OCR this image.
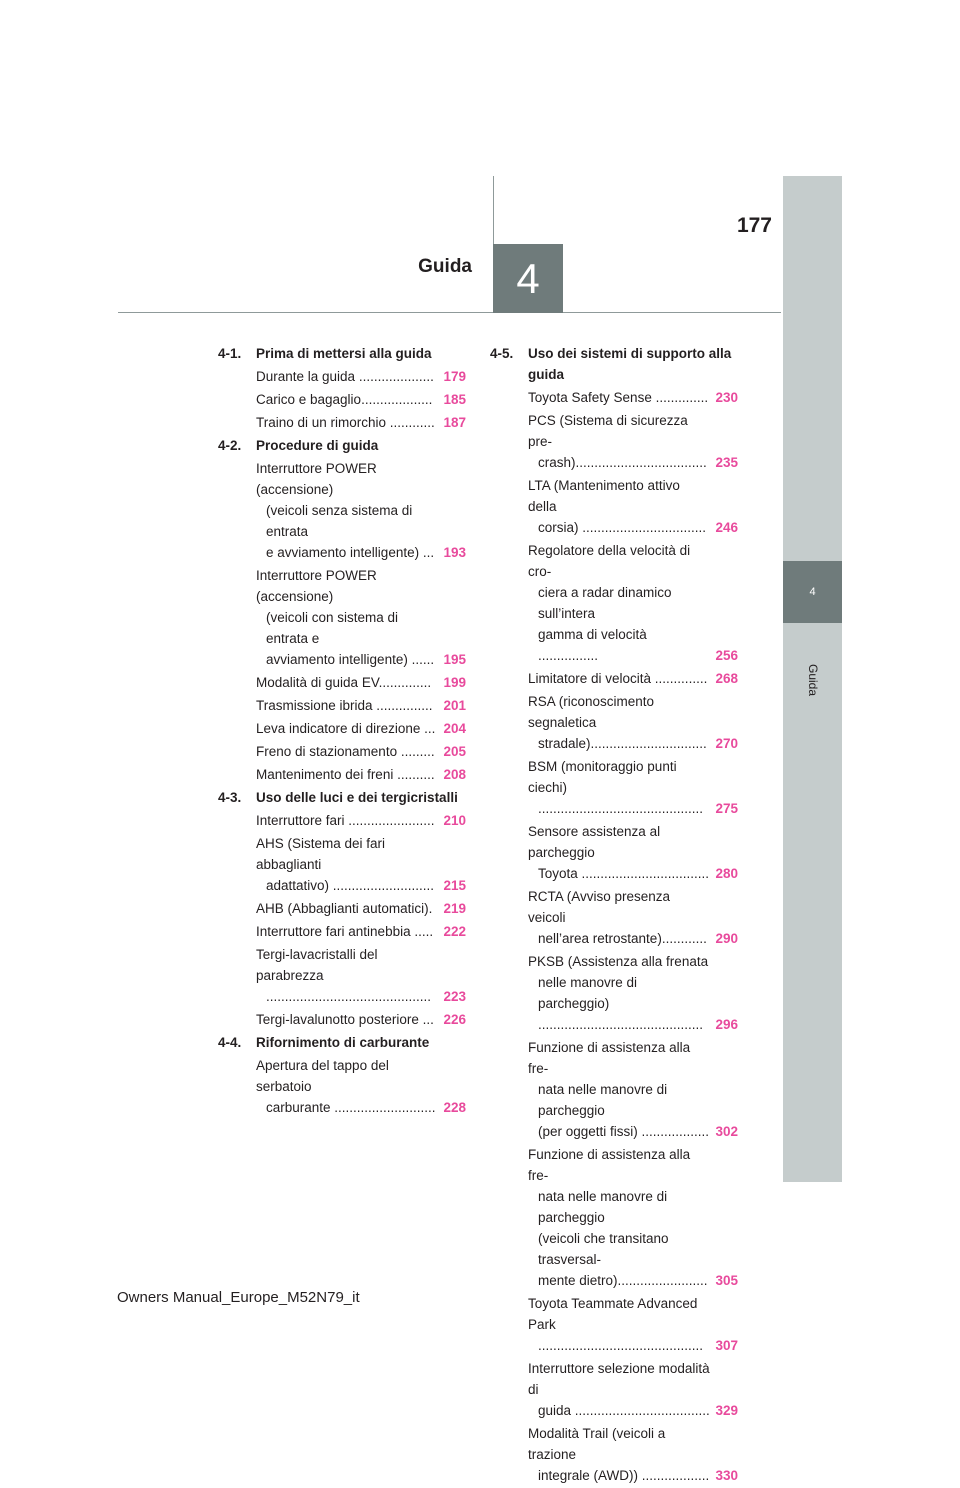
177
Guida 4
4
Guida
4-1.	Prima di mettersi alla guida
Durante la guida .................... 179
Carico e bagaglio................... 185
Traino di un rimorchio ............ 187
4-2.	Procedure di guida
Interruttore POWER (accensione)
(veicoli senza sistema di entrata
e avviamento intelligente) ... 193
Interruttore POWER (accensione)
(veicoli con sistema di entrata e
avviamento intelligente) ...... 195
Modalità di guida EV.............. 199
Trasmissione ibrida ............... 201
Leva indicatore di direzione ... 204
Freno di stazionamento ......... 205
Mantenimento dei freni .......... 208
4-3.	Uso delle luci e dei tergicristalli
Interruttore fari ....................... 210
AHS (Sistema dei fari abbaglianti
adattativo) ........................... 215
AHB (Abbaglianti automatici). 219
Interruttore fari antinebbia ..... 222
Tergi-lavacristalli del parabrezza
............................................ 223
Tergi-lavalunotto posteriore ... 226
4-4.	Rifornimento di carburante
Apertura del tappo del serbatoio
carburante ........................... 228
4-5.	Uso dei sistemi di supporto alla guida
Toyota Safety Sense .............. 230
PCS (Sistema di sicurezza pre-
crash)................................... 235
LTA (Mantenimento attivo della
corsia) ................................. 246
Regolatore della velocità di cro-
ciera a radar dinamico sull’intera
gamma di velocità ................	256
Limitatore di velocità .............. 268
RSA (riconoscimento segnaletica
stradale)............................... 270
BSM (monitoraggio punti ciechi)
............................................ 275
Sensore assistenza al parcheggio
Toyota .................................. 280
RCTA (Avviso presenza veicoli
nell’area retrostante)............ 290
PKSB (Assistenza alla frenata
nelle manovre di parcheggio)
............................................ 296
Funzione di assistenza alla fre-
nata nelle manovre di parcheggio
(per oggetti fissi) .................. 302
Funzione di assistenza alla fre-
nata nelle manovre di parcheggio
(veicoli che transitano trasversal-
mente dietro)........................ 305
Toyota Teammate Advanced Park
............................................ 307
Interruttore selezione modalità di
guida .................................... 329
Modalità Trail (veicoli a trazione
integrale (AWD)) .................. 330
Owners Manual_Europe_M52N79_it
